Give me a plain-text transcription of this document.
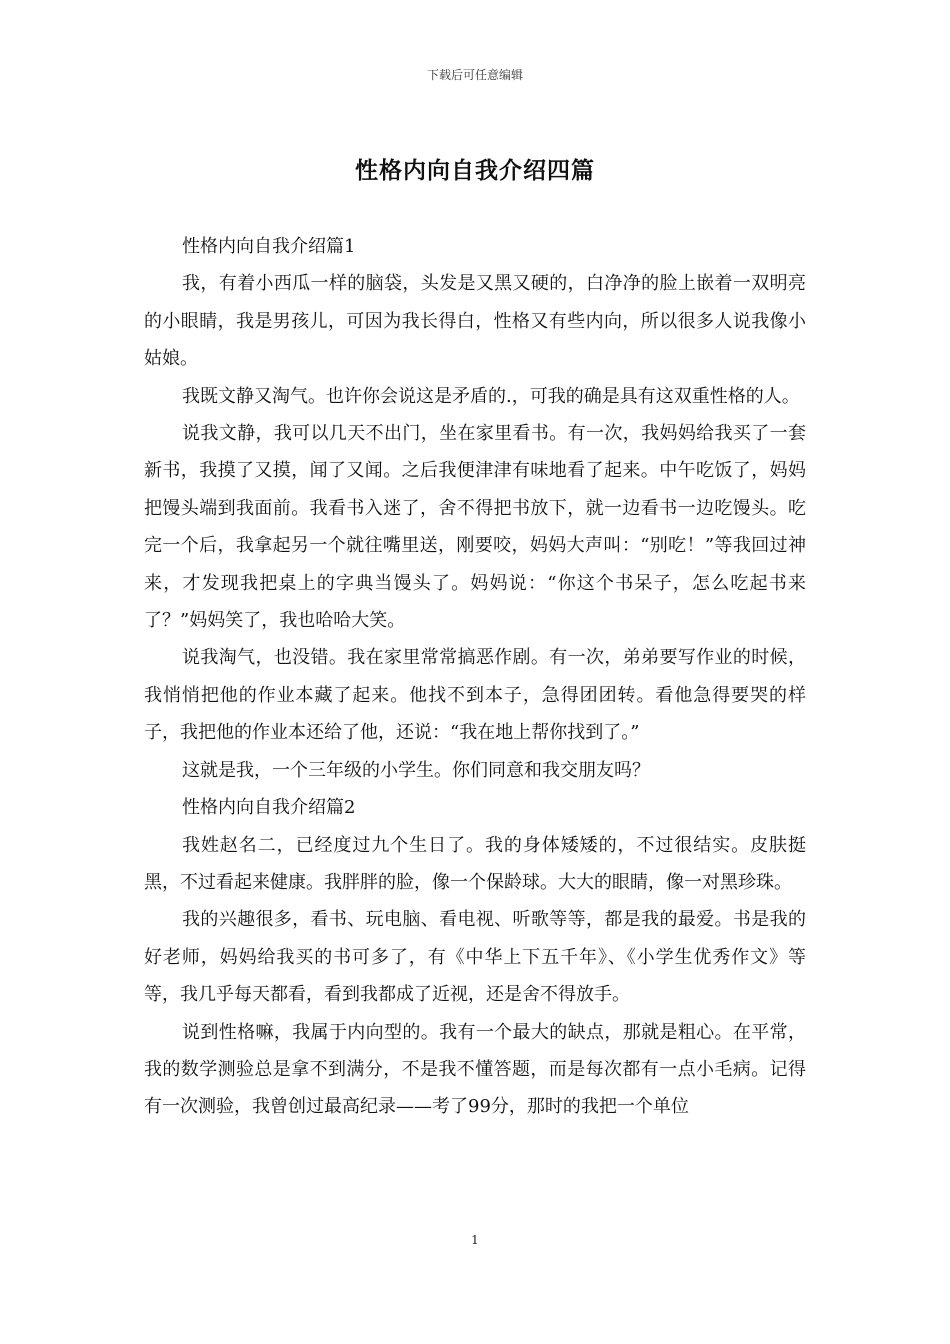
下载后可任意编辑
性格内向自我介绍四篇

性格内向自我介绍篇1

我，有着小西瓜一样的脑袋，头发是又黑又硬的，白净净的脸上嵌着一双明亮的小眼睛，我是男孩儿，可因为我长得白，性格又有些内向，所以很多人说我像小姑娘。

我既文静又淘气。也许你会说这是矛盾的.，可我的确是具有这双重性格的人。

说我文静，我可以几天不出门，坐在家里看书。有一次，我妈妈给我买了一套新书，我摸了又摸，闻了又闻。之后我便津津有味地看了起来。中午吃饭了，妈妈把馒头端到我面前。我看书入迷了，舍不得把书放下，就一边看书一边吃馒头。吃完一个后，我拿起另一个就往嘴里送，刚要咬，妈妈大声叫：“别吃！”等我回过神来，才发现我把桌上的字典当馒头了。妈妈说：“你这个书呆子，怎么吃起书来了？”妈妈笑了，我也哈哈大笑。

说我淘气，也没错。我在家里常常搞恶作剧。有一次，弟弟要写作业的时候，我悄悄把他的作业本藏了起来。他找不到本子，急得团团转。看他急得要哭的样子，我把他的作业本还给了他，还说：“我在地上帮你找到了。”

这就是我，一个三年级的小学生。你们同意和我交朋友吗？

性格内向自我介绍篇2

我姓赵名二，已经度过九个生日了。我的身体矮矮的，不过很结实。皮肤挺黑，不过看起来健康。我胖胖的脸，像一个保龄球。大大的眼睛，像一对黑珍珠。

我的兴趣很多，看书、玩电脑、看电视、听歌等等，都是我的最爱。书是我的好老师，妈妈给我买的书可多了，有《中华上下五千年》、《小学生优秀作文》等等，我几乎每天都看，看到我都成了近视，还是舍不得放手。

说到性格嘛，我属于内向型的。我有一个最大的缺点，那就是粗心。在平常，我的数学测验总是拿不到满分，不是我不懂答题，而是每次都有一点小毛病。记得有一次测验，我曾创过最高纪录——考了99分，那时的我把一个单位

1
